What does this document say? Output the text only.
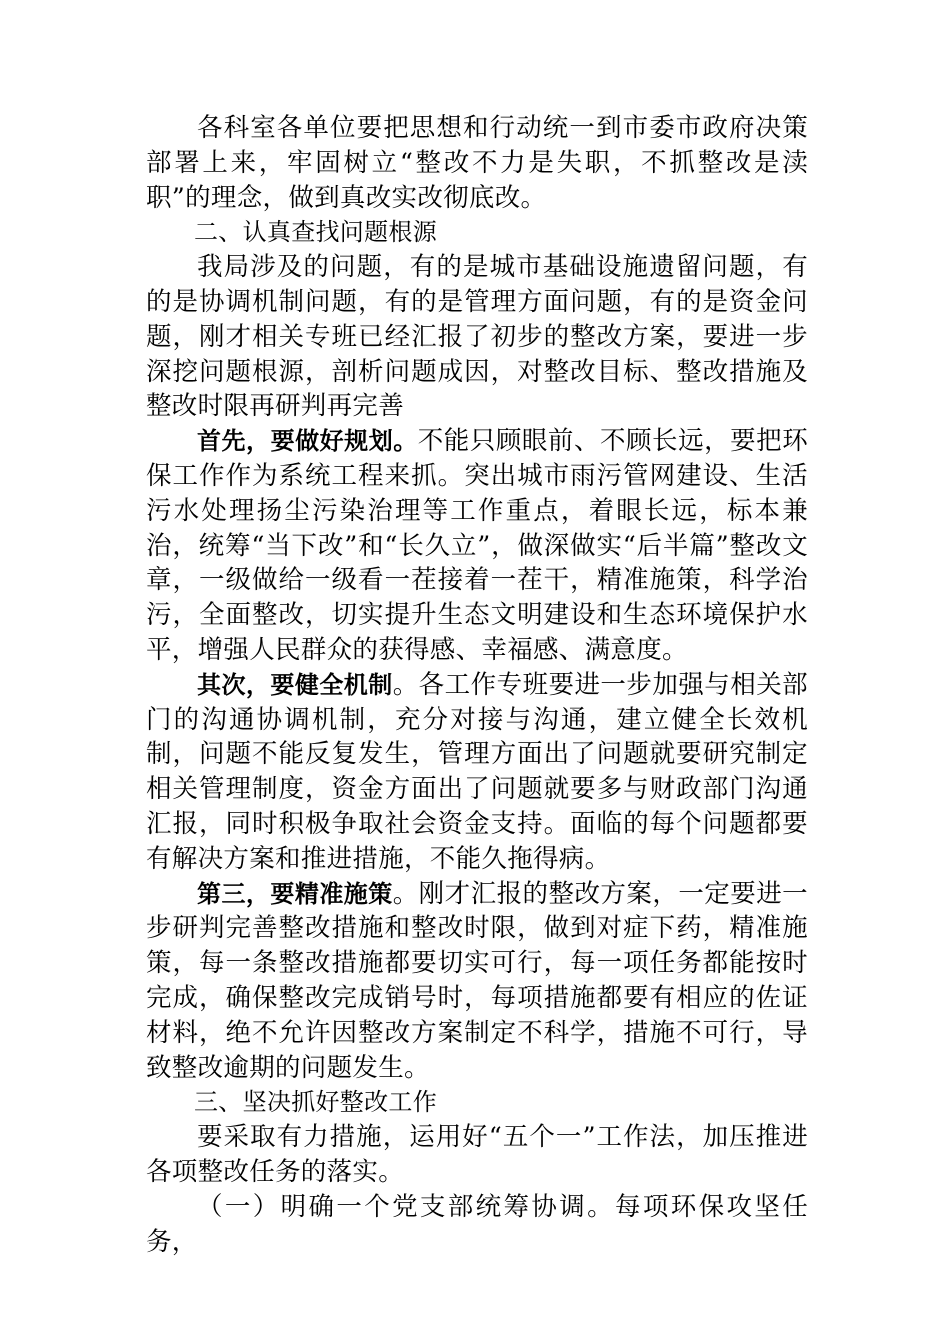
各科室各单位要把思想和行动统一到市委市政府决策部署上来，牢固树立“整改不力是失职，不抓整改是渎职”的理念，做到真改实改彻底改。

二、认真查找问题根源

我局涉及的问题，有的是城市基础设施遗留问题，有的是协调机制问题，有的是管理方面问题，有的是资金问题，刚才相关专班已经汇报了初步的整改方案，要进一步深挖问题根源，剖析问题成因，对整改目标、整改措施及整改时限再研判再完善

首先，要做好规划。不能只顾眼前、不顾长远，要把环保工作作为系统工程来抓。突出城市雨污管网建设、生活污水处理扬尘污染治理等工作重点，着眼长远，标本兼治，统筹“当下改”和“长久立”，做深做实“后半篇”整改文章，一级做给一级看一茬接着一茬干，精准施策，科学治污，全面整改，切实提升生态文明建设和生态环境保护水平，增强人民群众的获得感、幸福感、满意度。

其次，要健全机制。各工作专班要进一步加强与相关部门的沟通协调机制，充分对接与沟通，建立健全长效机制，问题不能反复发生，管理方面出了问题就要研究制定相关管理制度，资金方面出了问题就要多与财政部门沟通汇报，同时积极争取社会资金支持。面临的每个问题都要有解决方案和推进措施，不能久拖得病。

第三，要精准施策。刚才汇报的整改方案，一定要进一步研判完善整改措施和整改时限，做到对症下药，精准施策，每一条整改措施都要切实可行，每一项任务都能按时完成，确保整改完成销号时，每项措施都要有相应的佐证材料，绝不允许因整改方案制定不科学，措施不可行，导致整改逾期的问题发生。

三、坚决抓好整改工作

要采取有力措施，运用好“五个一”工作法，加压推进各项整改任务的落实。

（一）明确一个党支部统筹协调。每项环保攻坚任务，
